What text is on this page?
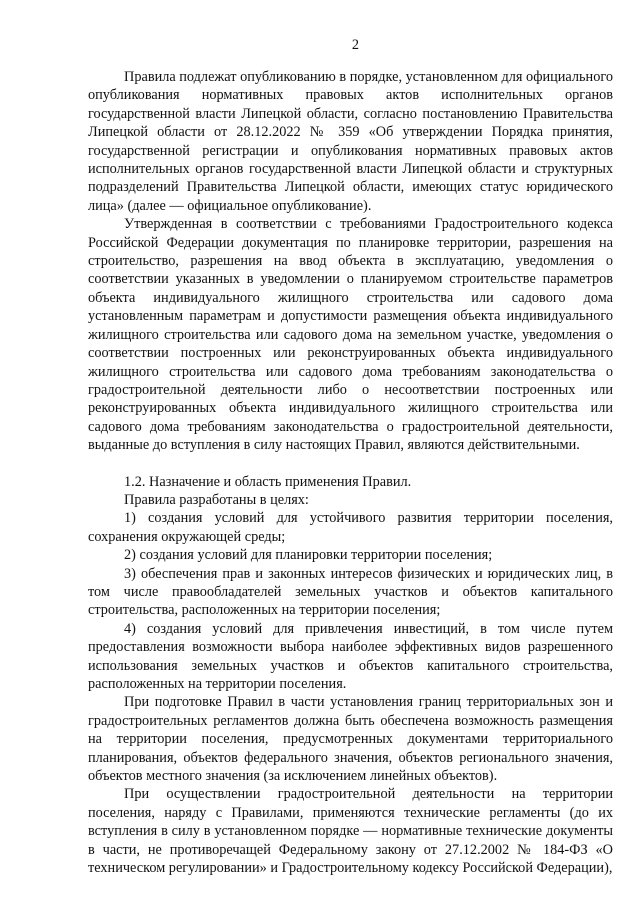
2

Правила подлежат опубликованию в порядке, установленном для официального опубликования нормативных правовых актов исполнительных органов государственной власти Липецкой области, согласно постановлению Правительства Липецкой области от 28.12.2022 № 359 «Об утверждении Порядка принятия, государственной регистрации и опубликования нормативных правовых актов исполнительных органов государственной власти Липецкой области и структурных подразделений Правительства Липецкой области, имеющих статус юридического лица» (далее — официальное опубликование).

Утвержденная в соответствии с требованиями Градостроительного кодекса Российской Федерации документация по планировке территории, разрешения на строительство, разрешения на ввод объекта в эксплуатацию, уведомления о соответствии указанных в уведомлении о планируемом строительстве параметров объекта индивидуального жилищного строительства или садового дома установленным параметрам и допустимости размещения объекта индивидуального жилищного строительства или садового дома на земельном участке, уведомления о соответствии построенных или реконструированных объекта индивидуального жилищного строительства или садового дома требованиям законодательства о градостроительной деятельности либо о несоответствии построенных или реконструированных объекта индивидуального жилищного строительства или садового дома требованиям законодательства о градостроительной деятельности, выданные до вступления в силу настоящих Правил, являются действительными.

1.2. Назначение и область применения Правил.

Правила разработаны в целях:

1) создания условий для устойчивого развития территории поселения, сохранения окружающей среды;

2) создания условий для планировки территории поселения;

3) обеспечения прав и законных интересов физических и юридических лиц, в том числе правообладателей земельных участков и объектов капитального строительства, расположенных на территории поселения;

4) создания условий для привлечения инвестиций, в том числе путем предоставления возможности выбора наиболее эффективных видов разрешенного использования земельных участков и объектов капитального строительства, расположенных на территории поселения.

При подготовке Правил в части установления границ территориальных зон и градостроительных регламентов должна быть обеспечена возможность размещения на территории поселения, предусмотренных документами территориального планирования, объектов федерального значения, объектов регионального значения, объектов местного значения (за исключением линейных объектов).

При осуществлении градостроительной деятельности на территории поселения, наряду с Правилами, применяются технические регламенты (до их вступления в силу в установленном порядке — нормативные технические документы в части, не противоречащей Федеральному закону от 27.12.2002 № 184-ФЗ «О техническом регулировании» и Градостроительному кодексу Российской Федерации),
